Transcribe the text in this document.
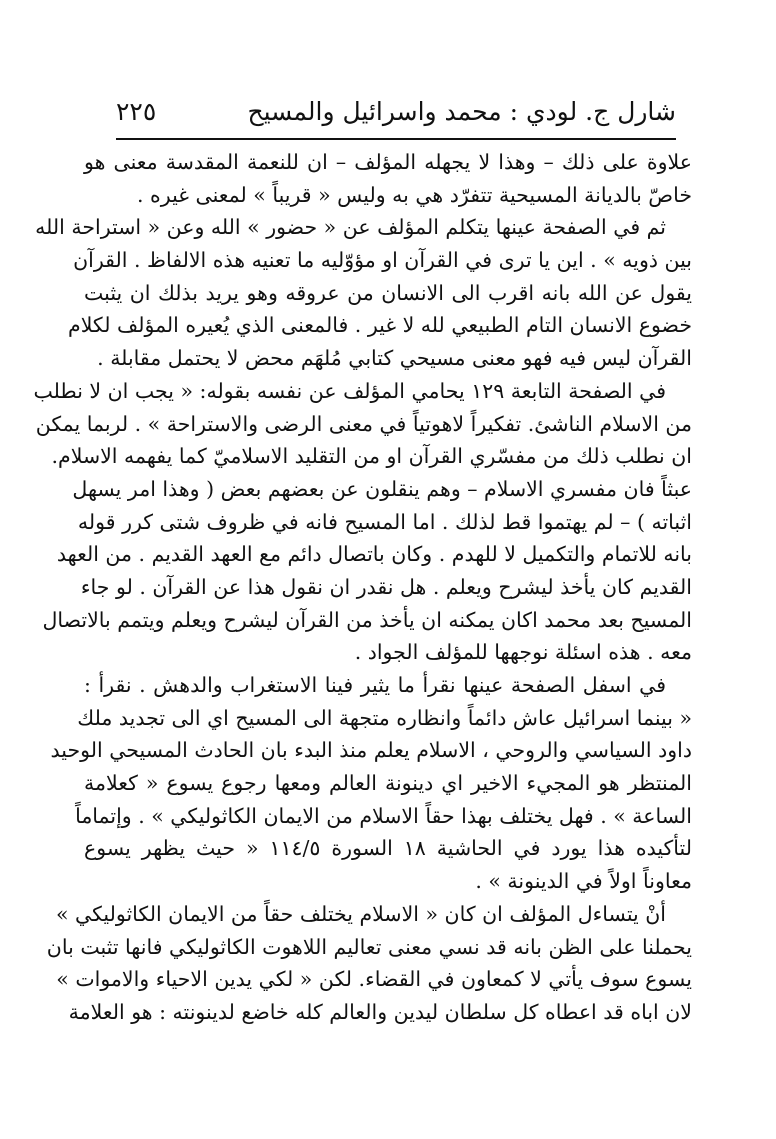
شارل ج. لودي : محمد واسرائيل والمسيح
٢٢٥
علاوة على ذلك – وهذا لا يجهله المؤلف – ان للنعمة المقدسة معنى هو
خاصّ بالديانة المسيحية تتفرّد هي به وليس « قريباً » لمعنى غيره .
ثم في الصفحة عينها يتكلم المؤلف عن « حضور » الله وعن « استراحة الله
بين ذويه » . اين يا ترى في القرآن او مؤوّليه ما تعنيه هذه الالفاظ . القرآن
يقول عن الله بانه اقرب الى الانسان من عروقه وهو يريد بذلك ان يثبت
خضوع الانسان التام الطبيعي لله لا غير . فالمعنى الذي يُعيره المؤلف لكلام
القرآن ليس فيه فهو معنى مسيحي كتابي مُلهَم محض لا يحتمل مقابلة .
في الصفحة التابعة ١٢٩ يحامي المؤلف عن نفسه بقوله: « يجب ان لا نطلب
من الاسلام الناشئ. تفكيراً لاهوتياً في معنى الرضى والاستراحة » . لربما يمكن
ان نطلب ذلك من مفسّري القرآن او من التقليد الاسلاميّ كما يفهمه الاسلام.
عبثاً فان مفسري الاسلام – وهم ينقلون عن بعضهم بعض ( وهذا امر يسهل
اثباته ) – لم يهتموا قط لذلك . اما المسيح فانه في ظروف شتى كرر قوله
بانه للاتمام والتكميل لا للهدم . وكان باتصال دائم مع العهد القديم . من العهد
القديم كان يأخذ ليشرح ويعلم . هل نقدر ان نقول هذا عن القرآن . لو جاء
المسيح بعد محمد اكان يمكنه ان يأخذ من القرآن ليشرح ويعلم ويتمم بالاتصال
معه . هذه اسئلة نوجهها للمؤلف الجواد .
في اسفل الصفحة عينها نقرأ ما يثير فينا الاستغراب والدهش . نقرأ :
« بينما اسرائيل عاش دائماً وانظاره متجهة الى المسيح اي الى تجديد ملك
داود السياسي والروحي ، الاسلام يعلم منذ البدء بان الحادث المسيحي الوحيد
المنتظر هو المجيء الاخير اي دينونة العالم ومعها رجوع يسوع « كعلامة
الساعة » . فهل يختلف بهذا حقاً الاسلام من الايمان الكاثوليكي » . وإتماماً
لتأكيده هذا يورد في الحاشية ١٨ السورة ١١٤/٥ « حيث يظهر يسوع
معاوناً اولاً في الدينونة » .
أنْ يتساءل المؤلف ان كان « الاسلام يختلف حقاً من الايمان الكاثوليكي »
يحملنا على الظن بانه قد نسي معنى تعاليم اللاهوت الكاثوليكي فانها تثبت بان
يسوع سوف يأتي لا كمعاون في القضاء. لكن « لكي يدين الاحياء والاموات »
لان اباه قد اعطاه كل سلطان ليدين والعالم كله خاضع لدينونته : هو العلامة
